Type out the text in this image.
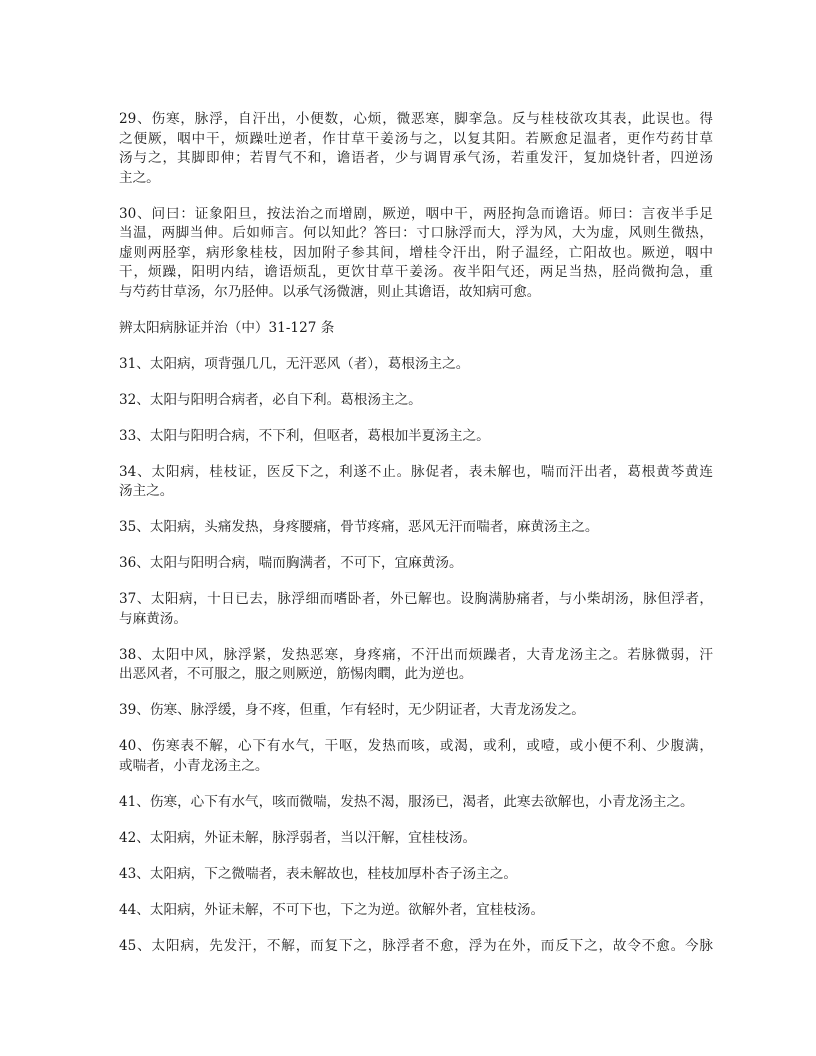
29、伤寒，脉浮，自汗出，小便数，心烦，微恶寒，脚挛急。反与桂枝欲攻其表，此误也。得
之便厥，咽中干，烦躁吐逆者，作甘草干姜汤与之，以复其阳。若厥愈足温者，更作芍药甘草
汤与之，其脚即伸；若胃气不和，谵语者，少与调胃承气汤，若重发汗，复加烧针者，四逆汤
主之。

30、问曰：证象阳旦，按法治之而增剧，厥逆，咽中干，两胫拘急而谵语。师曰：言夜半手足
当温，两脚当伸。后如师言。何以知此？答曰：寸口脉浮而大，浮为风，大为虚，风则生微热，
虚则两胫挛，病形象桂枝，因加附子参其间，增桂令汗出，附子温经，亡阳故也。厥逆，咽中
干，烦躁，阳明内结，谵语烦乱，更饮甘草干姜汤。夜半阳气还，两足当热，胫尚微拘急，重
与芍药甘草汤，尔乃胫伸。以承气汤微溏，则止其谵语，故知病可愈。

辨太阳病脉证并治（中）31-127 条

31、太阳病，项背强几几，无汗恶风（者），葛根汤主之。

32、太阳与阳明合病者，必自下利。葛根汤主之。

33、太阳与阳明合病，不下利，但呕者，葛根加半夏汤主之。

34、太阳病，桂枝证，医反下之，利遂不止。脉促者，表未解也，喘而汗出者，葛根黄芩黄连
汤主之。

35、太阳病，头痛发热，身疼腰痛，骨节疼痛，恶风无汗而喘者，麻黄汤主之。

36、太阳与阳明合病，喘而胸满者，不可下，宜麻黄汤。

37、太阳病，十日已去，脉浮细而嗜卧者，外已解也。设胸满胁痛者，与小柴胡汤，脉但浮者，
与麻黄汤。

38、太阳中风，脉浮紧，发热恶寒，身疼痛，不汗出而烦躁者，大青龙汤主之。若脉微弱，汗
出恶风者，不可服之，服之则厥逆，筋惕肉瞤，此为逆也。

39、伤寒、脉浮缓，身不疼，但重，乍有轻时，无少阴证者，大青龙汤发之。

40、伤寒表不解，心下有水气，干呕，发热而咳，或渴，或利，或噎，或小便不利、少腹满，
或喘者，小青龙汤主之。

41、伤寒，心下有水气，咳而微喘，发热不渴，服汤已，渴者，此寒去欲解也，小青龙汤主之。

42、太阳病，外证未解，脉浮弱者，当以汗解，宜桂枝汤。

43、太阳病，下之微喘者，表未解故也，桂枝加厚朴杏子汤主之。

44、太阳病，外证未解，不可下也，下之为逆。欲解外者，宜桂枝汤。

45、太阳病，先发汗，不解，而复下之，脉浮者不愈，浮为在外，而反下之，故令不愈。今脉
